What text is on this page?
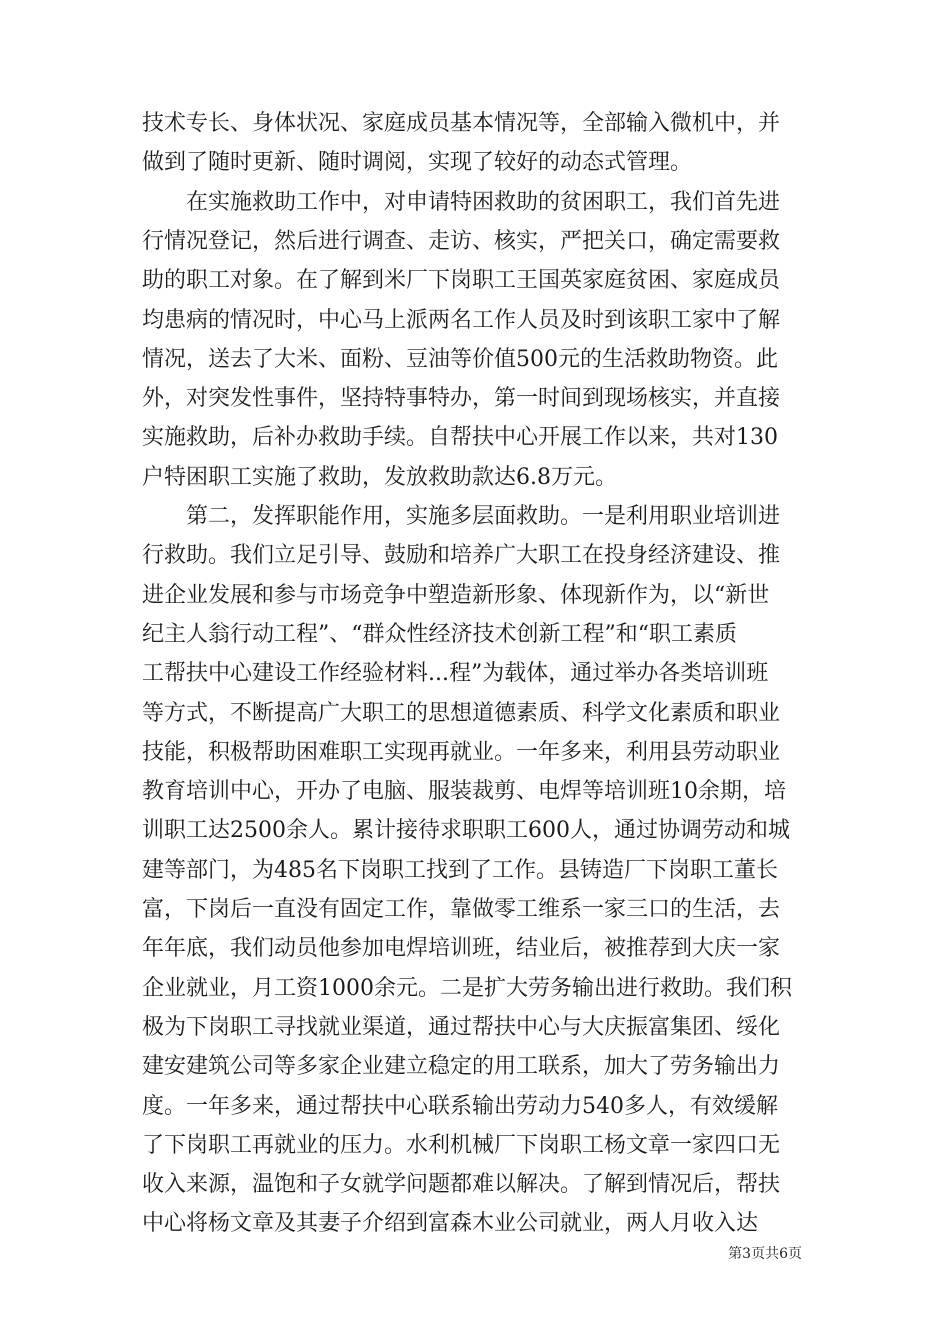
技术专长、身体状况、家庭成员基本情况等，全部输入微机中，并
做到了随时更新、随时调阅，实现了较好的动态式管理。
　　在实施救助工作中，对申请特困救助的贫困职工，我们首先进
行情况登记，然后进行调查、走访、核实，严把关口，确定需要救
助的职工对象。在了解到米厂下岗职工王国英家庭贫困、家庭成员
均患病的情况时，中心马上派两名工作人员及时到该职工家中了解
情况，送去了大米、面粉、豆油等价值500元的生活救助物资。此
外，对突发性事件，坚持特事特办，第一时间到现场核实，并直接
实施救助，后补办救助手续。自帮扶中心开展工作以来，共对130
户特困职工实施了救助，发放救助款达6.8万元。
　　第二，发挥职能作用，实施多层面救助。一是利用职业培训进
行救助。我们立足引导、鼓励和培养广大职工在投身经济建设、推
进企业发展和参与市场竞争中塑造新形象、体现新作为，以“新世
纪主人翁行动工程”、“群众性经济技术创新工程”和“职工素质
工帮扶中心建设工作经验材料...程”为载体，通过举办各类培训班
等方式，不断提高广大职工的思想道德素质、科学文化素质和职业
技能，积极帮助困难职工实现再就业。一年多来，利用县劳动职业
教育培训中心，开办了电脑、服装裁剪、电焊等培训班10余期，培
训职工达2500余人。累计接待求职职工600人，通过协调劳动和城
建等部门，为485名下岗职工找到了工作。县铸造厂下岗职工董长
富，下岗后一直没有固定工作，靠做零工维系一家三口的生活，去
年年底，我们动员他参加电焊培训班，结业后，被推荐到大庆一家
企业就业，月工资1000余元。二是扩大劳务输出进行救助。我们积
极为下岗职工寻找就业渠道，通过帮扶中心与大庆振富集团、绥化
建安建筑公司等多家企业建立稳定的用工联系，加大了劳务输出力
度。一年多来，通过帮扶中心联系输出劳动力540多人，有效缓解
了下岗职工再就业的压力。水利机械厂下岗职工杨文章一家四口无
收入来源，温饱和子女就学问题都难以解决。了解到情况后，帮扶
中心将杨文章及其妻子介绍到富森木业公司就业，两人月收入达
第3页共6页
